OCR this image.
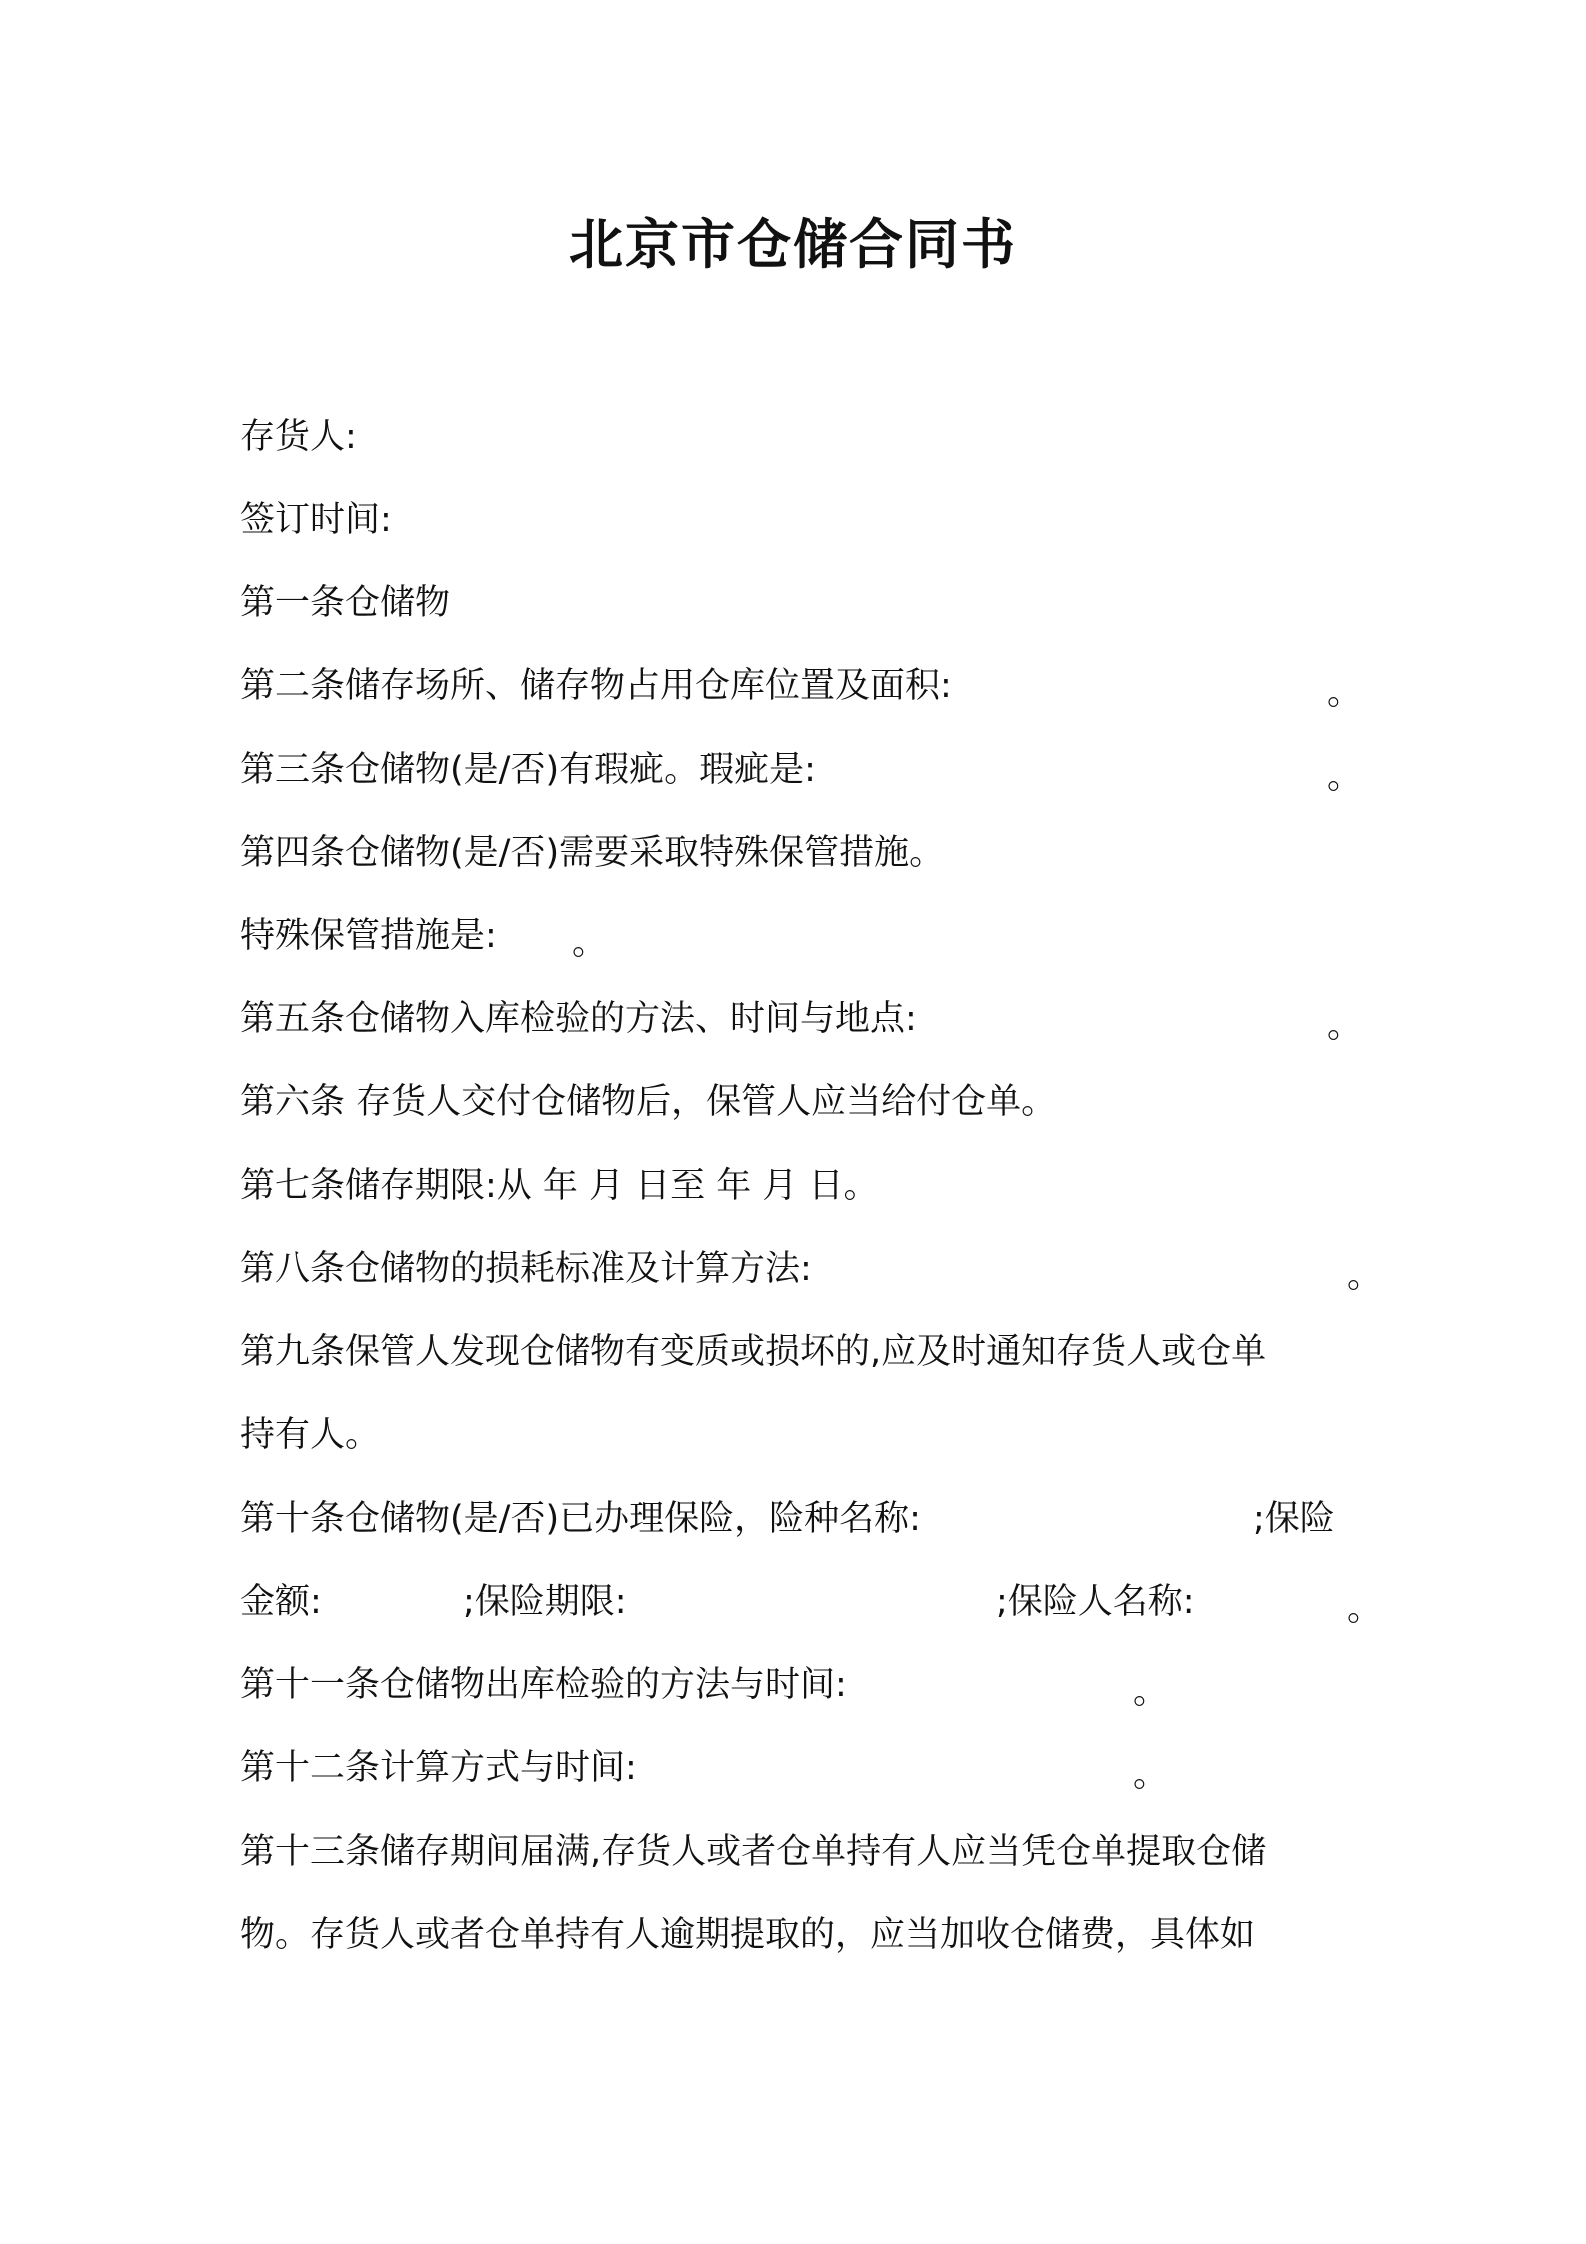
北京市仓储合同书

存货人:

签订时间:

第一条仓储物

第二条储存场所、储存物占用仓库位置及面积:	。

第三条仓储物(是/否)有瑕疵。瑕疵是:	。

第四条仓储物(是/否)需要采取特殊保管措施。

特殊保管措施是: 。

第五条仓储物入库检验的方法、时间与地点:	。

第六条 存货人交付仓储物后，保管人应当给付仓单。

第七条储存期限:从 年 月 日至 年 月 日。

第八条仓储物的损耗标准及计算方法:	。

第九条保管人发现仓储物有变质或损坏的,应及时通知存货人或仓单

持有人。

第十条仓储物(是/否)已办理保险，险种名称:	;保险

金额:	;保险期限:	;保险人名称:	。

第十一条仓储物出库检验的方法与时间:	。

第十二条计算方式与时间:	。

第十三条储存期间届满,存货人或者仓单持有人应当凭仓单提取仓储

物。存货人或者仓单持有人逾期提取的，应当加收仓储费，具体如
